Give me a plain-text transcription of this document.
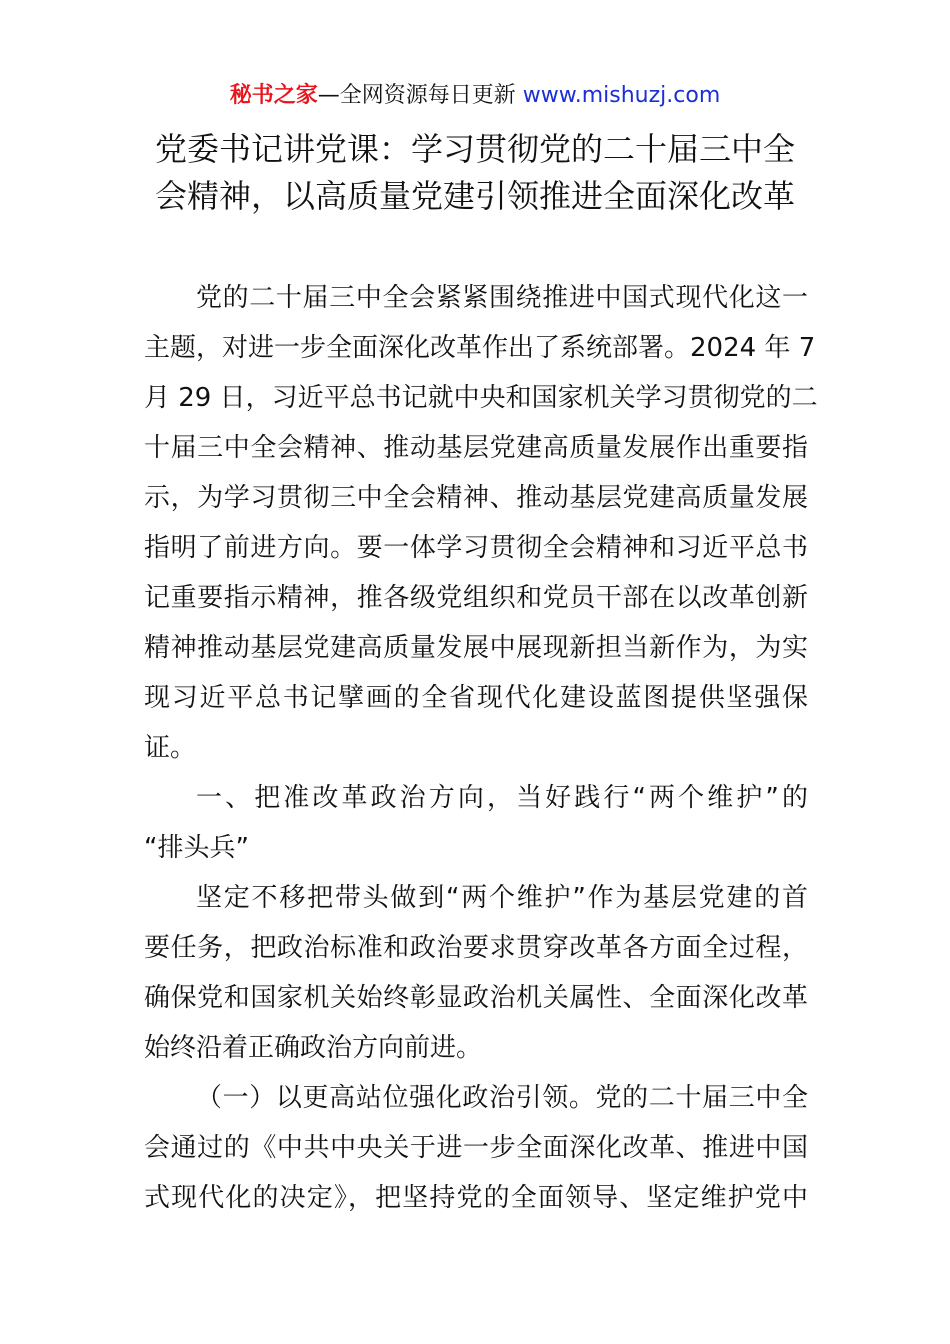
秘书之家—全网资源每日更新 www.mishuzj.com
党委书记讲党课：学习贯彻党的二十届三中全
会精神，以高质量党建引领推进全面深化改革
党的二十届三中全会紧紧围绕推进中国式现代化这一
主题，对进一步全面深化改革作出了系统部署。2024 年 7
月 29 日，习近平总书记就中央和国家机关学习贯彻党的二
十届三中全会精神、推动基层党建高质量发展作出重要指
示，为学习贯彻三中全会精神、推动基层党建高质量发展
指明了前进方向。要一体学习贯彻全会精神和习近平总书
记重要指示精神，推各级党组织和党员干部在以改革创新
精神推动基层党建高质量发展中展现新担当新作为，为实
现习近平总书记擘画的全省现代化建设蓝图提供坚强保
证。
一、把准改革政治方向，当好践行“两个维护”的
“排头兵”
坚定不移把带头做到“两个维护”作为基层党建的首
要任务，把政治标准和政治要求贯穿改革各方面全过程，
确保党和国家机关始终彰显政治机关属性、全面深化改革
始终沿着正确政治方向前进。
（一）以更高站位强化政治引领。党的二十届三中全
会通过的《中共中央关于进一步全面深化改革、推进中国
式现代化的决定》，把坚持党的全面领导、坚定维护党中
